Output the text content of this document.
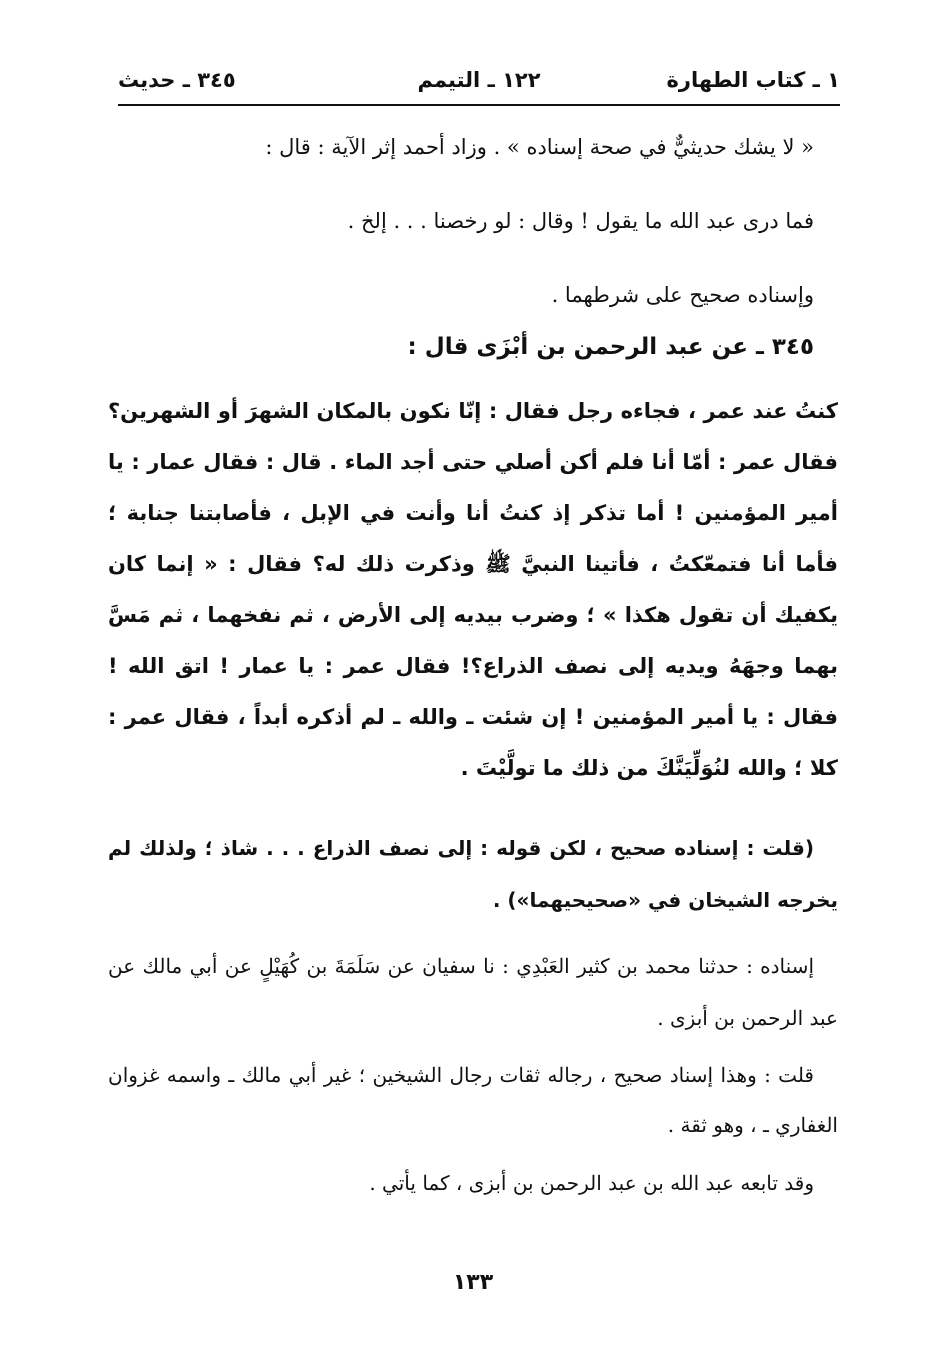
١ ـ كتاب الطهارة
١٢٢ ـ التيمم
٣٤٥ ـ حديث
« لا يشك حديثيٌّ في صحة إسناده » . وزاد أحمد إثر الآية : قال :
فما درى عبد الله ما يقول ! وقال : لو رخصنا . . . إلخ .
وإسناده صحيح على شرطهما .

٣٤٥ ـ عن عبد الرحمن بن أبْزَى قال :

كنتُ عند عمر ، فجاءه رجل فقال : إنّا نكون بالمكان الشهرَ أو الشهرين؟ فقال عمر : أمّا أنا فلم أكن أصلي حتى أجد الماء . قال : فقال عمار : يا أمير المؤمنين ! أما تذكر إذ كنتُ أنا وأنت في الإبل ، فأصابتنا جنابة ؛ فأما أنا فتمعّكتُ ، فأتينا النبيَّ ﷺ وذكرت ذلك له؟ فقال : « إنما كان يكفيك أن تقول هكذا » ؛ وضرب بيديه إلى الأرض ، ثم نفخهما ، ثم مَسَّ بهما وجهَهُ ويديه إلى نصف الذراع؟! فقال عمر : يا عمار ! اتق الله ! فقال : يا أمير المؤمنين ! إن شئت ـ والله ـ لم أذكره أبداً ، فقال عمر : كلا ؛ والله لنُوَلِّيَنَّكَ من ذلك ما تولَّيْتَ .

(قلت : إسناده صحيح ، لكن قوله : إلى نصف الذراع . . . شاذ ؛ ولذلك لم يخرجه الشيخان في «صحيحيهما») .

إسناده : حدثنا محمد بن كثير العَبْدِي : نا سفيان عن سَلَمَةَ بن كُهَيْلٍ عن أبي مالك عن عبد الرحمن بن أبزى .

قلت : وهذا إسناد صحيح ، رجاله ثقات رجال الشيخين ؛ غير أبي مالك ـ واسمه غزوان الغفاري ـ ، وهو ثقة .

وقد تابعه عبد الله بن عبد الرحمن بن أبزى ، كما يأتي .

١٣٣
